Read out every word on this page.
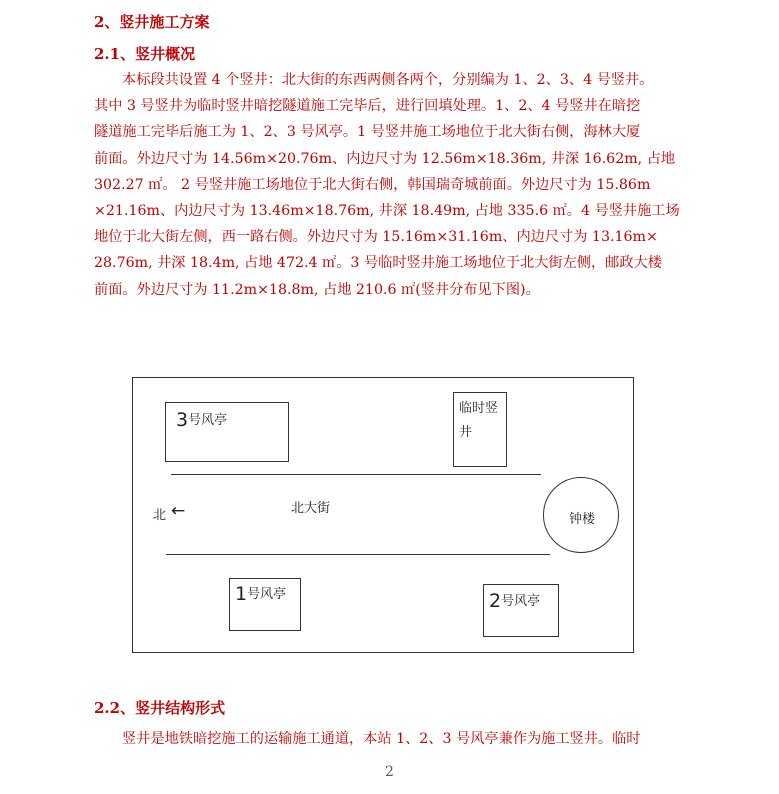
2、竖井施工方案
2.1、竖井概况
本标段共设置 4 个竖井：北大街的东西两侧各两个，分别编为 1、2、3、4 号竖井。
其中 3 号竖井为临时竖井暗挖隧道施工完毕后，进行回填处理。1、2、4 号竖井在暗挖
隧道施工完毕后施工为 1、2、3 号风亭。1 号竖井施工场地位于北大街右侧，海林大厦
前面。外边尺寸为 14.56m×20.76m、内边尺寸为 12.56m×18.36m, 井深 16.62m, 占地
302.27 ㎡。 2 号竖井施工场地位于北大街右侧，韩国瑞奇城前面。外边尺寸为 15.86m
×21.16m、内边尺寸为 13.46m×18.76m, 井深 18.49m, 占地 335.6 ㎡。4 号竖井施工场
地位于北大街左侧，西一路右侧。外边尺寸为 15.16m×31.16m、内边尺寸为 13.16m×
28.76m, 井深 18.4m, 占地 472.4 ㎡。3 号临时竖井施工场地位于北大街左侧，邮政大楼
前面。外边尺寸为 11.2m×18.8m, 占地 210.6 ㎡(竖井分布见下图)。
3号风亭
临时竖
井
北 ←	北大街
钟楼
1号风亭	2号风亭
2.2、竖井结构形式
竖井是地铁暗挖施工的运输施工通道，本站 1、2、3 号风亭兼作为施工竖井。临时
2
